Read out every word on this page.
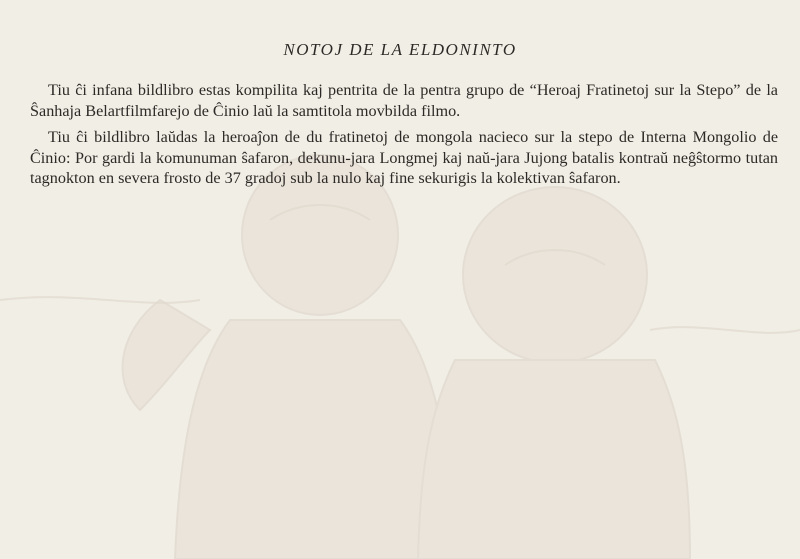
NOTOJ DE LA ELDONINTO

Tiu ĉi infana bildlibro estas kompilita kaj pentrita de la pentra grupo de “Heroaj Fratinetoj sur la Stepo” de la Ŝanhaja Belartfilmfarejo de Ĉinio laŭ la samtitola movbilda filmo.

Tiu ĉi bildlibro laŭdas la heroaĵon de du fratinetoj de mongola nacieco sur la stepo de Interna Mongolio de Ĉinio: Por gardi la komunuman ŝafaron, dekunu-jara Longmej kaj naŭ-jara Jujong batalis kontraŭ neĝŝtormo tutan tagnokton en severa frosto de 37 gradoj sub la nulo kaj fine sekurigis la kolektivan ŝafaron.
